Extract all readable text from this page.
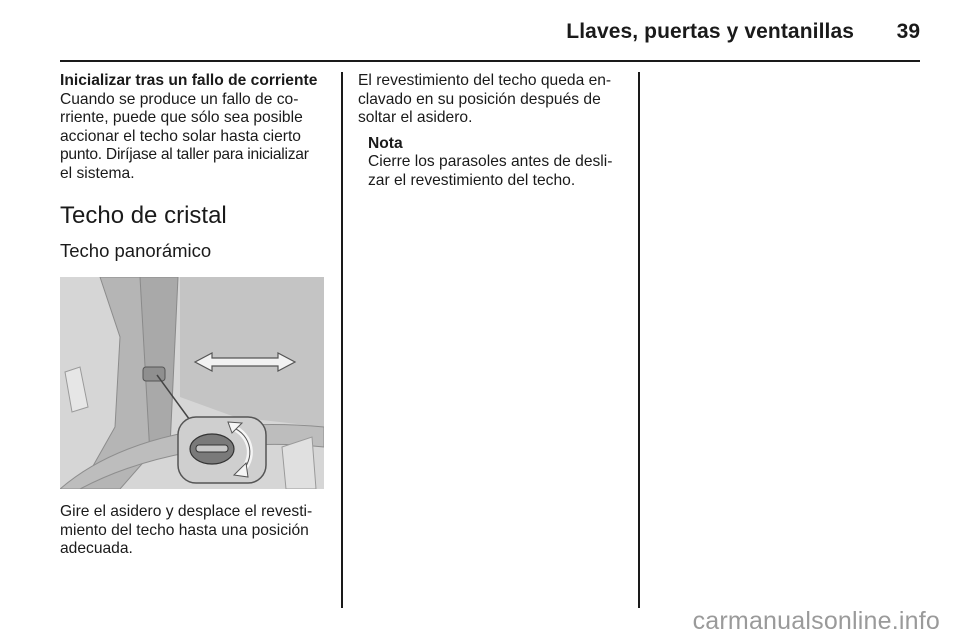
Llaves, puertas y ventanillas 39
Inicializar tras un fallo de corriente
Cuando se produce un fallo de co-
rriente, puede que sólo sea posible
accionar el techo solar hasta cierto
punto. Diríjase al taller para inicializar
el sistema.
Techo de cristal
Techo panorámico
Gire el asidero y desplace el revesti-
miento del techo hasta una posición
adecuada.
El revestimiento del techo queda en-
clavado en su posición después de
soltar el asidero.
Nota
Cierre los parasoles antes de desli-
zar el revestimiento del techo.
carmanualsonline.info
